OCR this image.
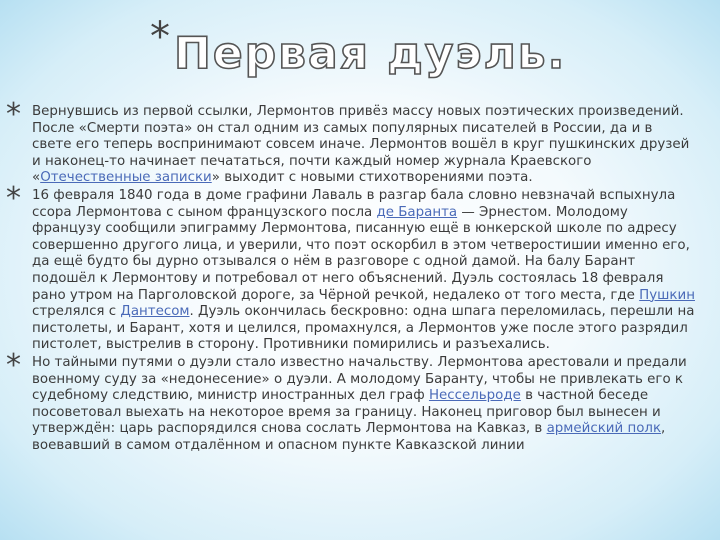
* Первая дуэль.
* Вернувшись из первой ссылки, Лермонтов привёз массу новых поэтических произведений. После «Смерти поэта» он стал одним из самых популярных писателей в России, да и в свете его теперь воспринимают совсем иначе. Лермонтов вошёл в круг пушкинских друзей и наконец-то начинает печататься, почти каждый номер журнала Краевского «Отечественные записки» выходит с новыми стихотворениями поэта.
* 16 февраля 1840 года в доме графини Лаваль в разгар бала словно невзначай вспыхнула ссора Лермонтова с сыном французского посла де Баранта — Эрнестом. Молодому французу сообщили эпиграмму Лермонтова, писанную ещё в юнкерской школе по адресу совершенно другого лица, и уверили, что поэт оскорбил в этом четверостишии именно его, да ещё будто бы дурно отзывался о нём в разговоре с одной дамой. На балу Барант подошёл к Лермонтову и потребовал от него объяснений. Дуэль состоялась 18 февраля рано утром на Парголовской дороге, за Чёрной речкой, недалеко от того места, где Пушкин стрелялся с Дантесом. Дуэль окончилась бескровно: одна шпага переломилась, перешли на пистолеты, и Барант, хотя и целился, промахнулся, а Лермонтов уже после этого разрядил пистолет, выстрелив в сторону. Противники помирились и разъехались.
* Но тайными путями о дуэли стало известно начальству. Лермонтова арестовали и предали военному суду за «недонесение» о дуэли. А молодому Баранту, чтобы не привлекать его к судебному следствию, министр иностранных дел граф Нессельроде в частной беседе посоветовал выехать на некоторое время за границу. Наконец приговор был вынесен и утверждён: царь распорядился снова сослать Лермонтова на Кавказ, в армейский полк, воевавший в самом отдалённом и опасном пункте Кавказской линии
